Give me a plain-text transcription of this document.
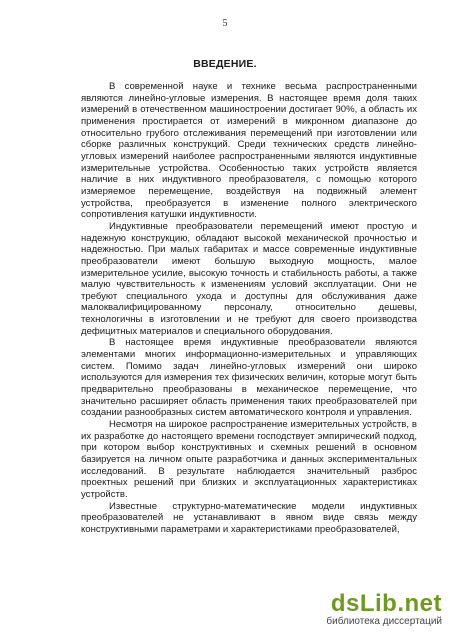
5
ВВЕДЕНИЕ.

В современной науке и технике весьма распространенными являются линейно-угловые измерения. В настоящее время доля таких измерений в отечественном машиностроении достигает 90%, а область их применения простирается от измерений в микронном диапазоне до относительно грубого отслеживания перемещений при изготовлении или сборке различных конструкций. Среди технических средств линейно-угловых измерений наиболее распространенными являются индуктивные измерительные устройства. Особенностью таких устройств является наличие в них индуктивного преобразователя, с помощью которого измеряемое перемещение, воздействуя на подвижный элемент устройства, преобразуется в изменение полного электрического сопротивления катушки индуктивности.

Индуктивные преобразователи перемещений имеют простую и надежную конструкцию, обладают высокой механической прочностью и надежностью. При малых габаритах и массе современные индуктивные преобразователи имеют большую выходную мощность, малое измерительное усилие, высокую точность и стабильность работы, а также малую чувствительность к изменениям условий эксплуатации. Они не требуют специального ухода и доступны для обслуживания даже малоквалифицированному персоналу, относительно дешевы, технологичны в изготовлении и не требуют для своего производства дефицитных материалов и специального оборудования.

В настоящее время индуктивные преобразователи являются элементами многих информационно-измерительных и управляющих систем. Помимо задач линейно-угловых измерений они широко используются для измерения тех физических величин, которые могут быть предварительно преобразованы в механическое перемещение, что значительно расширяет область применения таких преобразователей при создании разнообразных систем автоматического контроля и управления.

Несмотря на широкое распространение измерительных устройств, в их разработке до настоящего времени господствует эмпирический подход, при котором выбор конструктивных и схемных решений в основном базируется на личном опыте разработчика и данных экспериментальных исследований. В результате наблюдается значительный разброс проектных решений при близких и эксплуатационных характеристиках устройств.

Известные структурно-математические модели индуктивных преобразователей не устанавливают в явном виде связь между конструктивными параметрами и характеристиками преобразователей,

dsLib.net
библиотека диссертаций
